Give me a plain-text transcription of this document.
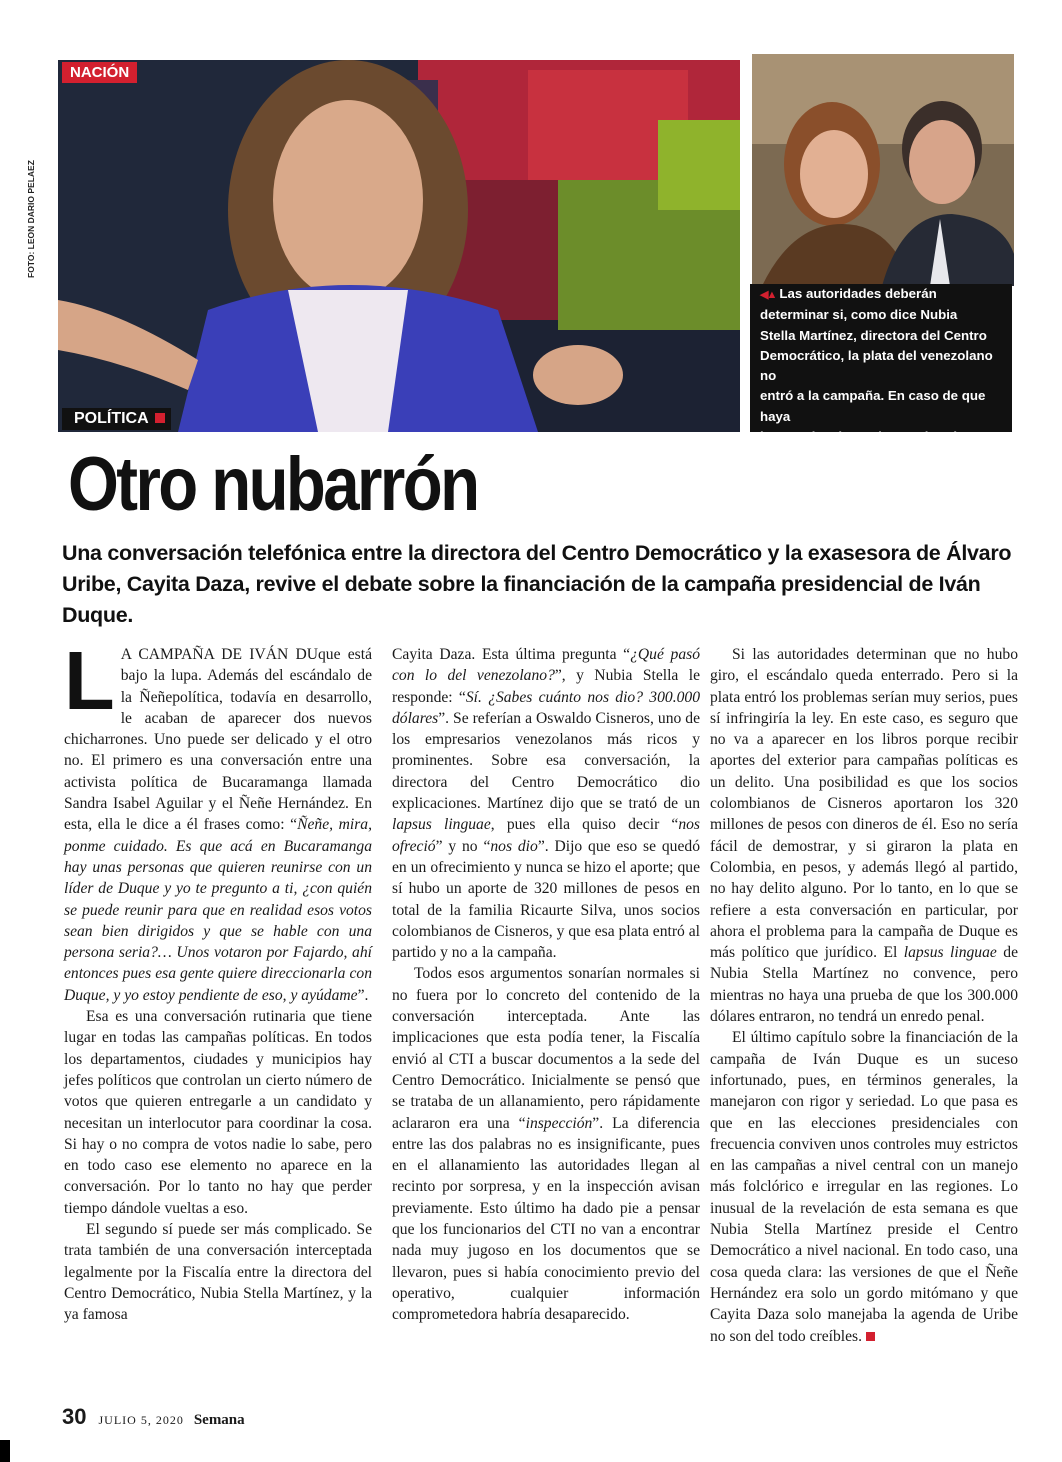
NACIÓN
FOTO: LEON DARIO PELAEZ
◀▲ Las autoridades deberán
determinar si, como dice Nubia
Stella Martínez, directora del Centro
Democrático, la plata del venezolano no
entró a la campaña. En caso de que haya
ingresado, el enredo penal sería serio.
Arriba, Cayita con el presidente Duque.
POLÍTICA
Otro nubarrón
Una conversación telefónica entre la directora del Centro Democrático y la exasesora de Álvaro Uribe, Cayita Daza, revive el debate sobre la financiación de la campaña presidencial de Iván Duque.

L A CAMPAÑA DE IVÁN DUque está bajo la lupa. Además del escándalo de la Ñeñepolítica, todavía en desarrollo, le acaban de aparecer dos nuevos chicharrones. Uno puede ser delicado y el otro no. El primero es una conversación entre una activista política de Bucaramanga llamada Sandra Isabel Aguilar y el Ñeñe Hernández. En esta, ella le dice a él frases como: “Ñeñe, mira, ponme cuidado. Es que acá en Bucaramanga hay unas personas que quieren reunirse con un líder de Duque y yo te pregunto a ti, ¿con quién se puede reunir para que en realidad esos votos sean bien dirigidos y que se hable con una persona seria?… Unos votaron por Fajardo, ahí entonces pues esa gente quiere direccionarla con Duque, y yo estoy pendiente de eso, y ayúdame”.

Esa es una conversación rutinaria que tiene lugar en todas las campañas políticas. En todos los departamentos, ciudades y municipios hay jefes políticos que controlan un cierto número de votos que quieren entregarle a un candidato y necesitan un interlocutor para coordinar la cosa. Si hay o no compra de votos nadie lo sabe, pero en todo caso ese elemento no aparece en la conversación. Por lo tanto no hay que perder tiempo dándole vueltas a eso.

El segundo sí puede ser más complicado. Se trata también de una conversación interceptada legalmente por la Fiscalía entre la directora del Centro Democrático, Nubia Stella Martínez, y la ya famosa

Cayita Daza. Esta última pregunta “¿Qué pasó con lo del venezolano?”, y Nubia Stella le responde: “Sí. ¿Sabes cuánto nos dio? 300.000 dólares”. Se referían a Oswaldo Cisneros, uno de los empresarios venezolanos más ricos y prominentes. Sobre esa conversación, la directora del Centro Democrático dio explicaciones. Martínez dijo que se trató de un lapsus linguae, pues ella quiso decir “nos ofreció” y no “nos dio”. Dijo que eso se quedó en un ofrecimiento y nunca se hizo el aporte; que sí hubo un aporte de 320 millones de pesos en total de la familia Ricaurte Silva, unos socios colombianos de Cisneros, y que esa plata entró al partido y no a la campaña.

Todos esos argumentos sonarían normales si no fuera por lo concreto del contenido de la conversación interceptada. Ante las implicaciones que esta podía tener, la Fiscalía envió al CTI a buscar documentos a la sede del Centro Democrático. Inicialmente se pensó que se trataba de un allanamiento, pero rápidamente aclararon era una “inspección”. La diferencia entre las dos palabras no es insignificante, pues en el allanamiento las autoridades llegan al recinto por sorpresa, y en la inspección avisan previamente. Esto último ha dado pie a pensar que los funcionarios del CTI no van a encontrar nada muy jugoso en los documentos que se llevaron, pues si había conocimiento previo del operativo, cualquier información comprometedora habría desaparecido.

Si las autoridades determinan que no hubo giro, el escándalo queda enterrado. Pero si la plata entró los problemas serían muy serios, pues sí infringiría la ley. En este caso, es seguro que no va a aparecer en los libros porque recibir aportes del exterior para campañas políticas es un delito. Una posibilidad es que los socios colombianos de Cisneros aportaron los 320 millones de pesos con dineros de él. Eso no sería fácil de demostrar, y si giraron la plata en Colombia, en pesos, y además llegó al partido, no hay delito alguno. Por lo tanto, en lo que se refiere a esta conversación en particular, por ahora el problema para la campaña de Duque es más político que jurídico. El lapsus linguae de Nubia Stella Martínez no convence, pero mientras no haya una prueba de que los 300.000 dólares entraron, no tendrá un enredo penal.

El último capítulo sobre la financiación de la campaña de Iván Duque es un suceso infortunado, pues, en términos generales, la manejaron con rigor y seriedad. Lo que pasa es que en las elecciones presidenciales con frecuencia conviven unos controles muy estrictos en las campañas a nivel central con un manejo más folclórico e irregular en las regiones. Lo inusual de la revelación de esta semana es que Nubia Stella Martínez preside el Centro Democrático a nivel nacional. En todo caso, una cosa queda clara: las versiones de que el Ñeñe Hernández era solo un gordo mitómano y que Cayita Daza solo manejaba la agenda de Uribe no son del todo creíbles.

30 JULIO 5, 2020 Semana
